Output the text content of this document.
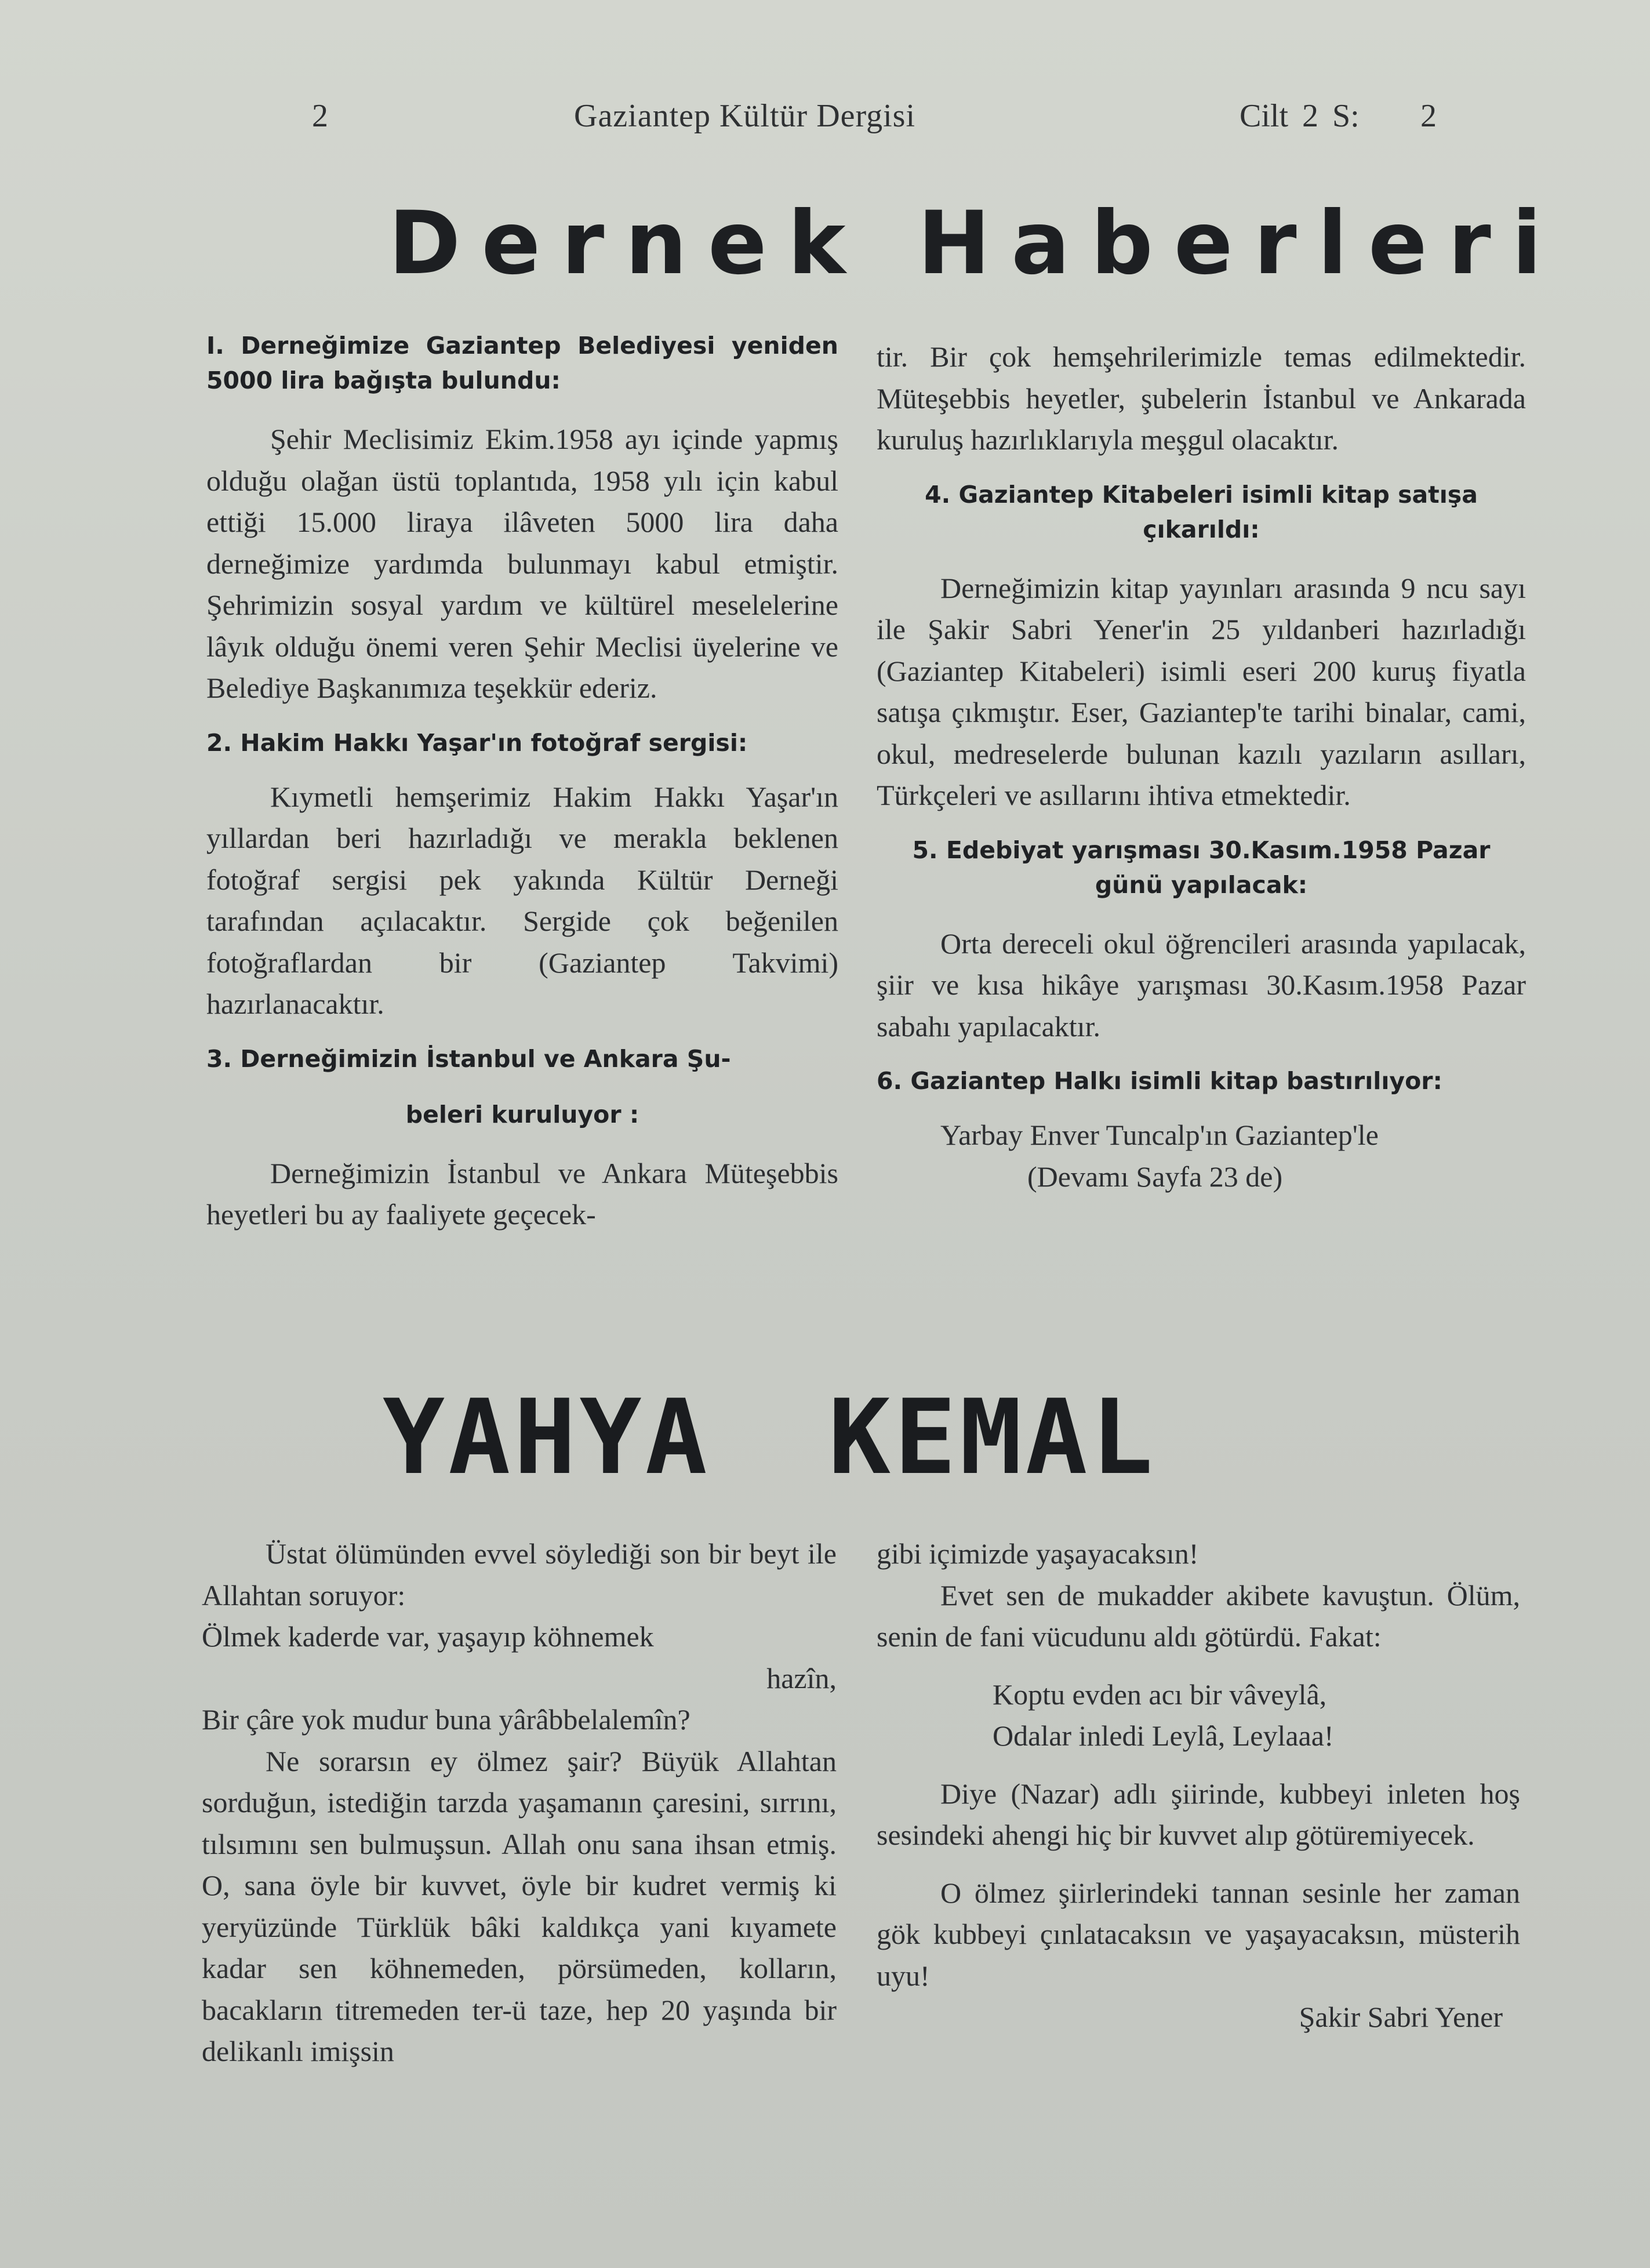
2	Gaziantep Kültür Dergisi	Cilt 2 S: 2
Dernek Haberleri

I. Derneğimize Gaziantep Belediyesi yeniden 5000 lira bağışta bulundu:

Şehir Meclisimiz Ekim.1958 ayı içinde yapmış olduğu olağan üstü toplantıda, 1958 yılı için kabul ettiği 15.000 liraya ilâveten 5000 lira daha derneğimize yardımda bulunmayı kabul etmiştir. Şehrimizin sosyal yardım ve kültürel meselelerine lâyık olduğu önemi veren Şehir Meclisi üyelerine ve Belediye Başkanımıza teşekkür ederiz.

2. Hakim Hakkı Yaşar'ın fotoğraf sergisi:

Kıymetli hemşerimiz Hakim Hakkı Yaşar'ın yıllardan beri hazırladığı ve merakla beklenen fotoğraf sergisi pek yakında Kültür Derneği tarafından açılacaktır. Sergide çok beğenilen fotoğraflardan bir (Gaziantep Takvimi) hazırlanacaktır.

3. Derneğimizin İstanbul ve Ankara Şu-

beleri kuruluyor :

Derneğimizin İstanbul ve Ankara Müteşebbis heyetleri bu ay faaliyete geçecek-

tir. Bir çok hemşehrilerimizle temas edilmektedir. Müteşebbis heyetler, şubelerin İstanbul ve Ankarada kuruluş hazırlıklarıyla meşgul olacaktır.

4. Gaziantep Kitabeleri isimli kitap satışa çıkarıldı:

Derneğimizin kitap yayınları arasında 9 ncu sayı ile Şakir Sabri Yener'in 25 yıldanberi hazırladığı (Gaziantep Kitabeleri) isimli eseri 200 kuruş fiyatla satışa çıkmıştır. Eser, Gaziantep'te tarihi binalar, cami, okul, medreselerde bulunan kazılı yazıların asılları, Türkçeleri ve asıllarını ihtiva etmektedir.

5. Edebiyat yarışması 30.Kasım.1958 Pazar günü yapılacak:

Orta dereceli okul öğrencileri arasında yapılacak, şiir ve kısa hikâye yarışması 30.Kasım.1958 Pazar sabahı yapılacaktır.

6. Gaziantep Halkı isimli kitap bastırılıyor:

Yarbay Enver Tuncalp'ın Gaziantep'le

(Devamı Sayfa 23 de)

YAHYA KEMAL

Üstat ölümünden evvel söylediği son bir beyt ile Allahtan soruyor:

Ölmek kaderde var, yaşayıp köhnemek

hazîn,

Bir çâre yok mudur buna yârâbbelalemîn?

Ne sorarsın ey ölmez şair? Büyük Allahtan sorduğun, istediğin tarzda yaşamanın çaresini, sırrını, tılsımını sen bulmuşsun. Allah onu sana ihsan etmiş. O, sana öyle bir kuvvet, öyle bir kudret vermiş ki yeryüzünde Türklük bâki kaldıkça yani kıyamete kadar sen köhnemeden, pörsümeden, kolların, bacakların titremeden ter-ü taze, hep 20 yaşında bir delikanlı imişsin

gibi içimizde yaşayacaksın!

Evet sen de mukadder akibete kavuştun. Ölüm, senin de fani vücudunu aldı götürdü. Fakat:

Koptu evden acı bir vâveylâ,

Odalar inledi Leylâ, Leylaaa!

Diye (Nazar) adlı şiirinde, kubbeyi inleten hoş sesindeki ahengi hiç bir kuvvet alıp götüremiyecek.

O ölmez şiirlerindeki tannan sesinle her zaman gök kubbeyi çınlatacaksın ve yaşayacaksın, müsterih uyu!

Şakir Sabri Yener
